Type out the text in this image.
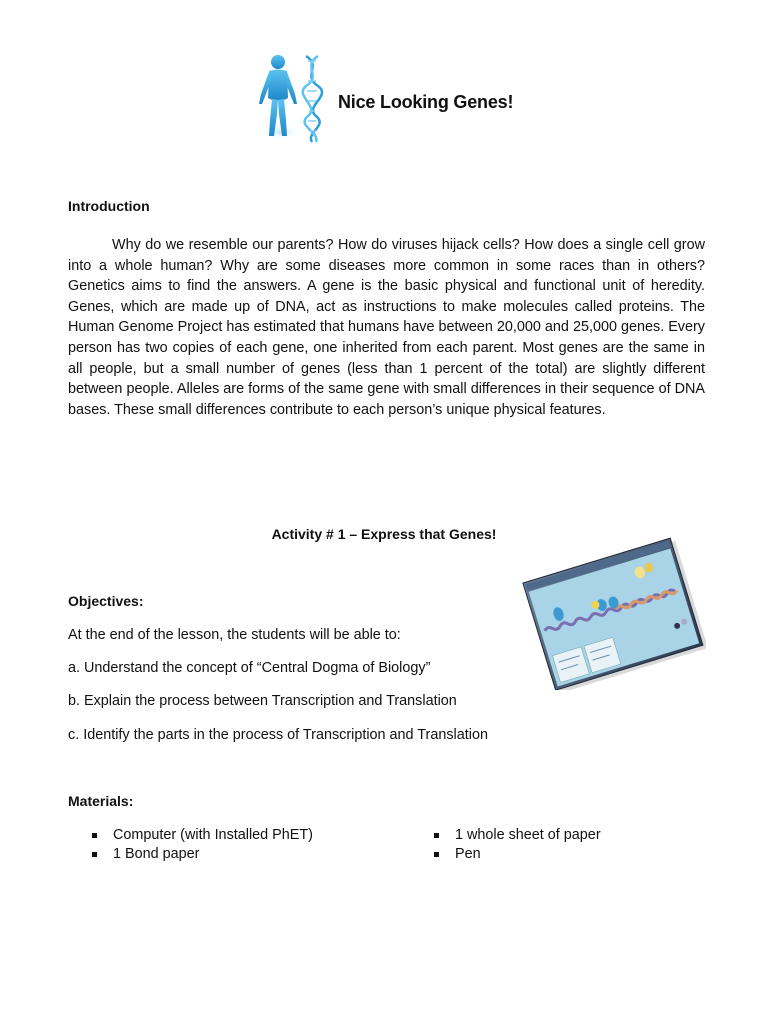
Nice Looking Genes!
Introduction

Why do we resemble our parents? How do viruses hijack cells? How does a single cell grow into a whole human? Why are some diseases more common in some races than in others? Genetics aims to find the answers. A gene is the basic physical and functional unit of heredity. Genes, which are made up of DNA, act as instructions to make molecules called proteins. The Human Genome Project has estimated that humans have between 20,000 and 25,000 genes. Every person has two copies of each gene, one inherited from each parent. Most genes are the same in all people, but a small number of genes (less than 1 percent of the total) are slightly different between people. Alleles are forms of the same gene with small differences in their sequence of DNA bases. These small differences contribute to each person’s unique physical features.

Activity # 1 – Express that Genes!
Objectives:
At the end of the lesson, the students will be able to:
a. Understand the concept of “Central Dogma of Biology”
b. Explain the process between Transcription and Translation
c. Identify the parts in the process of Transcription and Translation
Materials:
Computer (with Installed PhET)
1 Bond paper
1 whole sheet of paper
Pen
